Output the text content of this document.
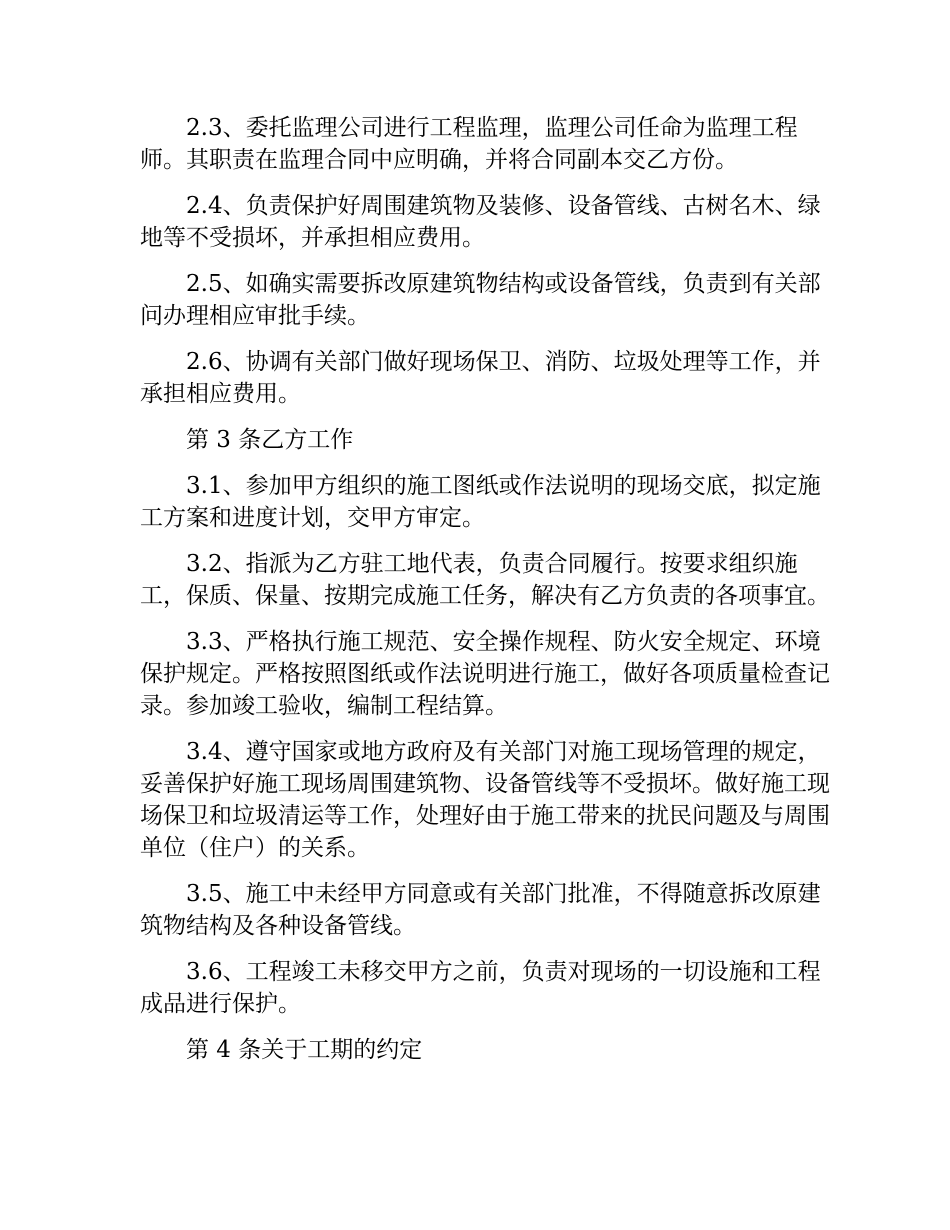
2.3、委托监理公司进行工程监理，监理公司任命为监理工程师。其职责在监理合同中应明确，并将合同副本交乙方份。

2.4、负责保护好周围建筑物及装修、设备管线、古树名木、绿地等不受损坏，并承担相应费用。

2.5、如确实需要拆改原建筑物结构或设备管线，负责到有关部问办理相应审批手续。

2.6、协调有关部门做好现场保卫、消防、垃圾处理等工作，并承担相应费用。

第 3 条乙方工作

3.1、参加甲方组织的施工图纸或作法说明的现场交底，拟定施工方案和进度计划，交甲方审定。

3.2、指派为乙方驻工地代表，负责合同履行。按要求组织施工，保质、保量、按期完成施工任务，解决有乙方负责的各项事宜。

3.3、严格执行施工规范、安全操作规程、防火安全规定、环境保护规定。严格按照图纸或作法说明进行施工，做好各项质量检查记录。参加竣工验收，编制工程结算。

3.4、遵守国家或地方政府及有关部门对施工现场管理的规定，妥善保护好施工现场周围建筑物、设备管线等不受损坏。做好施工现场保卫和垃圾清运等工作，处理好由于施工带来的扰民问题及与周围单位（住户）的关系。

3.5、施工中未经甲方同意或有关部门批准，不得随意拆改原建筑物结构及各种设备管线。

3.6、工程竣工未移交甲方之前，负责对现场的一切设施和工程成品进行保护。

第 4 条关于工期的约定
